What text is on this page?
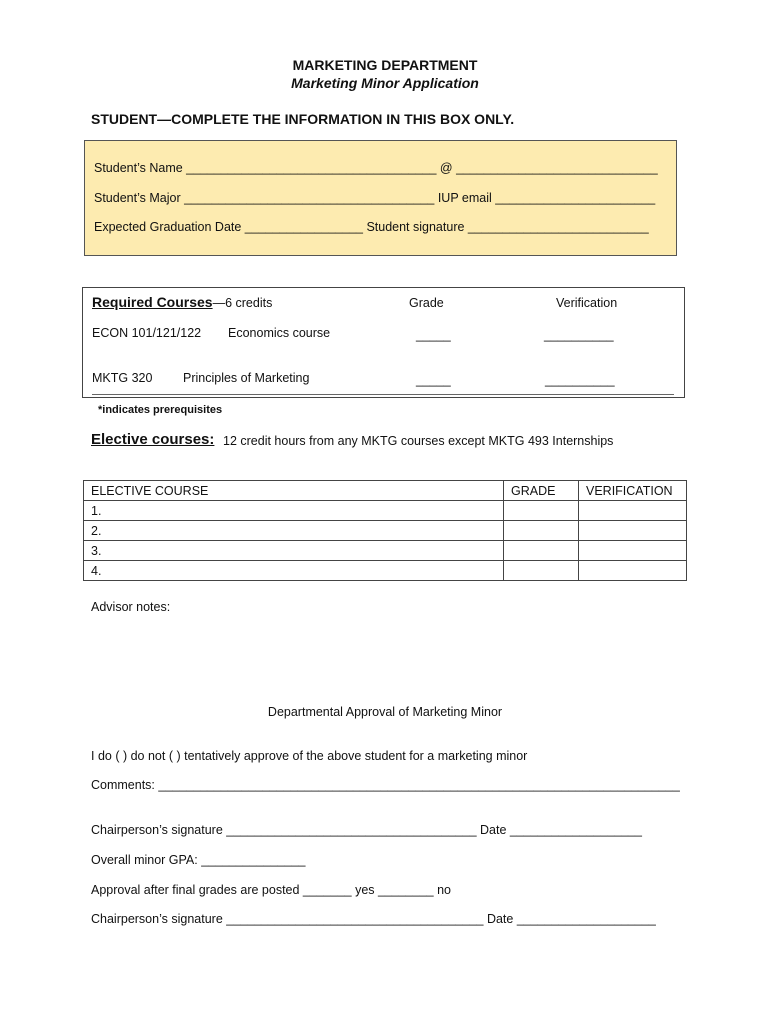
MARKETING DEPARTMENT
Marketing Minor Application
STUDENT—COMPLETE THE INFORMATION IN THIS BOX ONLY.
Student’s Name ____________________________________ @ _____________________________
Student’s Major ____________________________________ IUP email _______________________
Expected Graduation Date _________________ Student signature __________________________
Required Courses—6 credits	Grade	Verification
ECON 101/121/122 Economics course	_____	__________
MKTG 320 Principles of Marketing	_____	__________
*indicates prerequisites
Elective courses: 12 credit hours from any MKTG courses except MKTG 493 Internships
ELECTIVE COURSE	GRADE	VERIFICATION
1.		
2.		
3.		
4.		
Advisor notes:
Departmental Approval of Marketing Minor
I do ( ) do not ( ) tentatively approve of the above student for a marketing minor
Comments: ___________________________________________________________________________
Chairperson’s signature ____________________________________ Date ___________________
Overall minor GPA: _______________
Approval after final grades are posted _______ yes ________ no
Chairperson’s signature _____________________________________ Date ____________________
